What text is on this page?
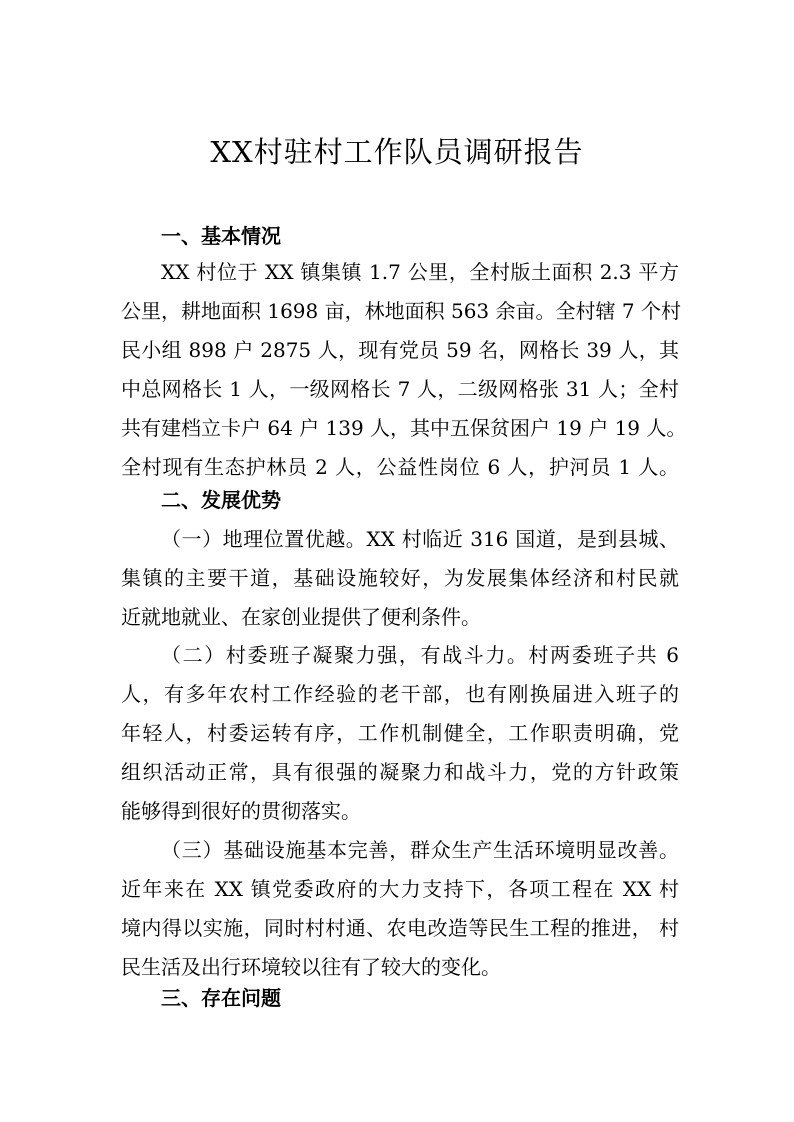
XX村驻村工作队员调研报告
一、基本情况
XX 村位于 XX 镇集镇 1.7 公里，全村版土面积 2.3 平方
公里，耕地面积 1698 亩，林地面积 563 余亩。全村辖 7 个村
民小组 898 户 2875 人，现有党员 59 名，网格长 39 人，其
中总网格长 1 人，一级网格长 7 人，二级网格张 31 人；全村
共有建档立卡户 64 户 139 人，其中五保贫困户 19 户 19 人。
全村现有生态护林员 2 人，公益性岗位 6 人，护河员 1 人。
二、发展优势
（一）地理位置优越。XX 村临近 316 国道，是到县城、
集镇的主要干道，基础设施较好，为发展集体经济和村民就
近就地就业、在家创业提供了便利条件。
（二）村委班子凝聚力强，有战斗力。村两委班子共 6
人，有多年农村工作经验的老干部，也有刚换届进入班子的
年轻人，村委运转有序，工作机制健全，工作职责明确，党
组织活动正常，具有很强的凝聚力和战斗力，党的方针政策
能够得到很好的贯彻落实。
（三）基础设施基本完善，群众生产生活环境明显改善。
近年来在 XX 镇党委政府的大力支持下，各项工程在 XX 村
境内得以实施，同时村村通、农电改造等民生工程的推进， 村
民生活及出行环境较以往有了较大的变化。
三、存在问题
